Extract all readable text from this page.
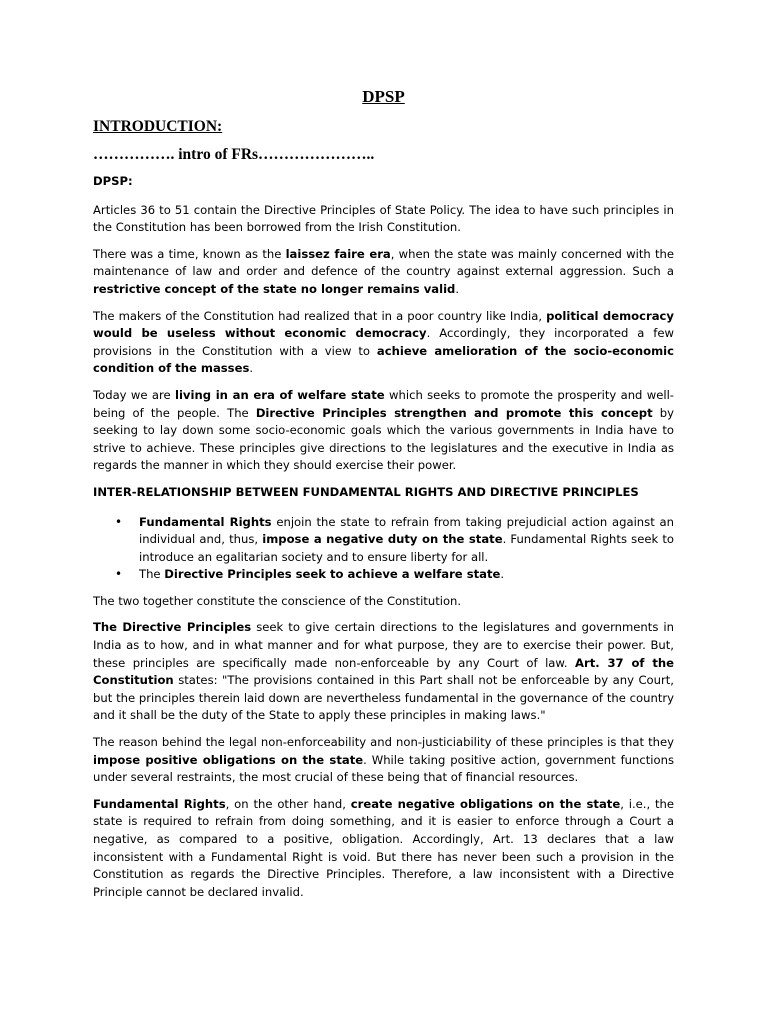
DPSP
INTRODUCTION:
……………. intro of FRs…………………..

DPSP:

Articles 36 to 51 contain the Directive Principles of State Policy. The idea to have such principles in the Constitution has been borrowed from the Irish Constitution.

There was a time, known as the laissez faire era, when the state was mainly concerned with the maintenance of law and order and defence of the country against external aggression. Such a restrictive concept of the state no longer remains valid.

The makers of the Constitution had realized that in a poor country like India, political democracy would be useless without economic democracy. Accordingly, they incorporated a few provisions in the Constitution with a view to achieve amelioration of the socio-economic condition of the masses.

Today we are living in an era of welfare state which seeks to promote the prosperity and well-being of the people. The Directive Principles strengthen and promote this concept by seeking to lay down some socio-economic goals which the various governments in India have to strive to achieve. These principles give directions to the legislatures and the executive in India as regards the manner in which they should exercise their power.

INTER-RELATIONSHIP BETWEEN FUNDAMENTAL RIGHTS AND DIRECTIVE PRINCIPLES

• Fundamental Rights enjoin the state to refrain from taking prejudicial action against an individual and, thus, impose a negative duty on the state. Fundamental Rights seek to introduce an egalitarian society and to ensure liberty for all.
• The Directive Principles seek to achieve a welfare state.

The two together constitute the conscience of the Constitution.

The Directive Principles seek to give certain directions to the legislatures and governments in India as to how, and in what manner and for what purpose, they are to exercise their power. But, these principles are specifically made non-enforceable by any Court of law. Art. 37 of the Constitution states: "The provisions contained in this Part shall not be enforceable by any Court, but the principles therein laid down are nevertheless fundamental in the governance of the country and it shall be the duty of the State to apply these principles in making laws."

The reason behind the legal non-enforceability and non-justiciability of these principles is that they impose positive obligations on the state. While taking positive action, government functions under several restraints, the most crucial of these being that of financial resources.

Fundamental Rights, on the other hand, create negative obligations on the state, i.e., the state is required to refrain from doing something, and it is easier to enforce through a Court a negative, as compared to a positive, obligation. Accordingly, Art. 13 declares that a law inconsistent with a Fundamental Right is void. But there has never been such a provision in the Constitution as regards the Directive Principles. Therefore, a law inconsistent with a Directive Principle cannot be declared invalid.
